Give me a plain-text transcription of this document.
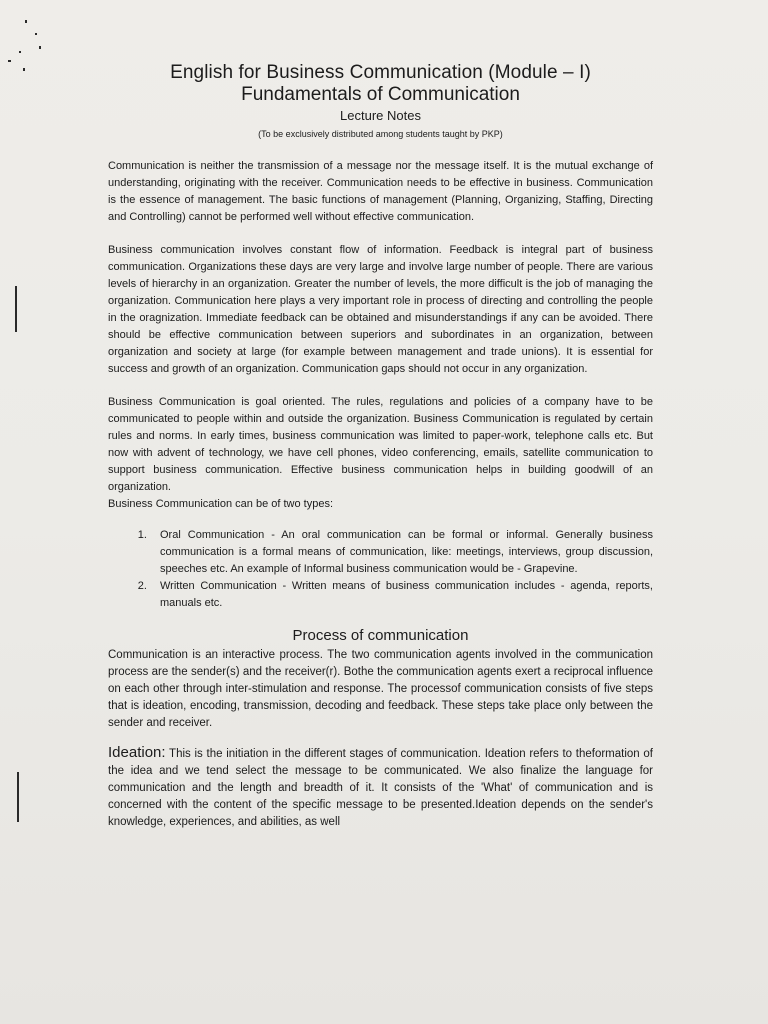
English for Business Communication (Module – I)
Fundamentals of Communication
Lecture Notes
(To be exclusively distributed among students taught by PKP)

Communication is neither the transmission of a message nor the message itself. It is the mutual exchange of understanding, originating with the receiver. Communication needs to be effective in business. Communication is the essence of management. The basic functions of management (Planning, Organizing, Staffing, Directing and Controlling) cannot be performed well without effective communication.

Business communication involves constant flow of information. Feedback is integral part of business communication. Organizations these days are very large and involve large number of people. There are various levels of hierarchy in an organization. Greater the number of levels, the more difficult is the job of managing the organization. Communication here plays a very important role in process of directing and controlling the people in the oragnization. Immediate feedback can be obtained and misunderstandings if any can be avoided. There should be effective communication between superiors and subordinates in an organization, between organization and society at large (for example between management and trade unions). It is essential for success and growth of an organization. Communication gaps should not occur in any organization.

Business Communication is goal oriented. The rules, regulations and policies of a company have to be communicated to people within and outside the organization. Business Communication is regulated by certain rules and norms. In early times, business communication was limited to paper-work, telephone calls etc. But now with advent of technology, we have cell phones, video conferencing, emails, satellite communication to support business communication. Effective business communication helps in building goodwill of an organization.

Business Communication can be of two types:
1. Oral Communication - An oral communication can be formal or informal. Generally business communication is a formal means of communication, like: meetings, interviews, group discussion, speeches etc. An example of Informal business communication would be - Grapevine.
2. Written Communication - Written means of business communication includes - agenda, reports, manuals etc.
Process of communication

Communication is an interactive process. The two communication agents involved in the communication process are the sender(s) and the receiver(r). Bothe the communication agents exert a reciprocal influence on each other through inter-stimulation and response. The processof communication consists of five steps that is ideation, encoding, transmission, decoding and feedback. These steps take place only between the sender and receiver.

Ideation: This is the initiation in the different stages of communication. Ideation refers to theformation of the idea and we tend select the message to be communicated. We also finalize the language for communication and the length and breadth of it. It consists of the 'What' of communication and is concerned with the content of the specific message to be presented.Ideation depends on the sender's knowledge, experiences, and abilities, as well
